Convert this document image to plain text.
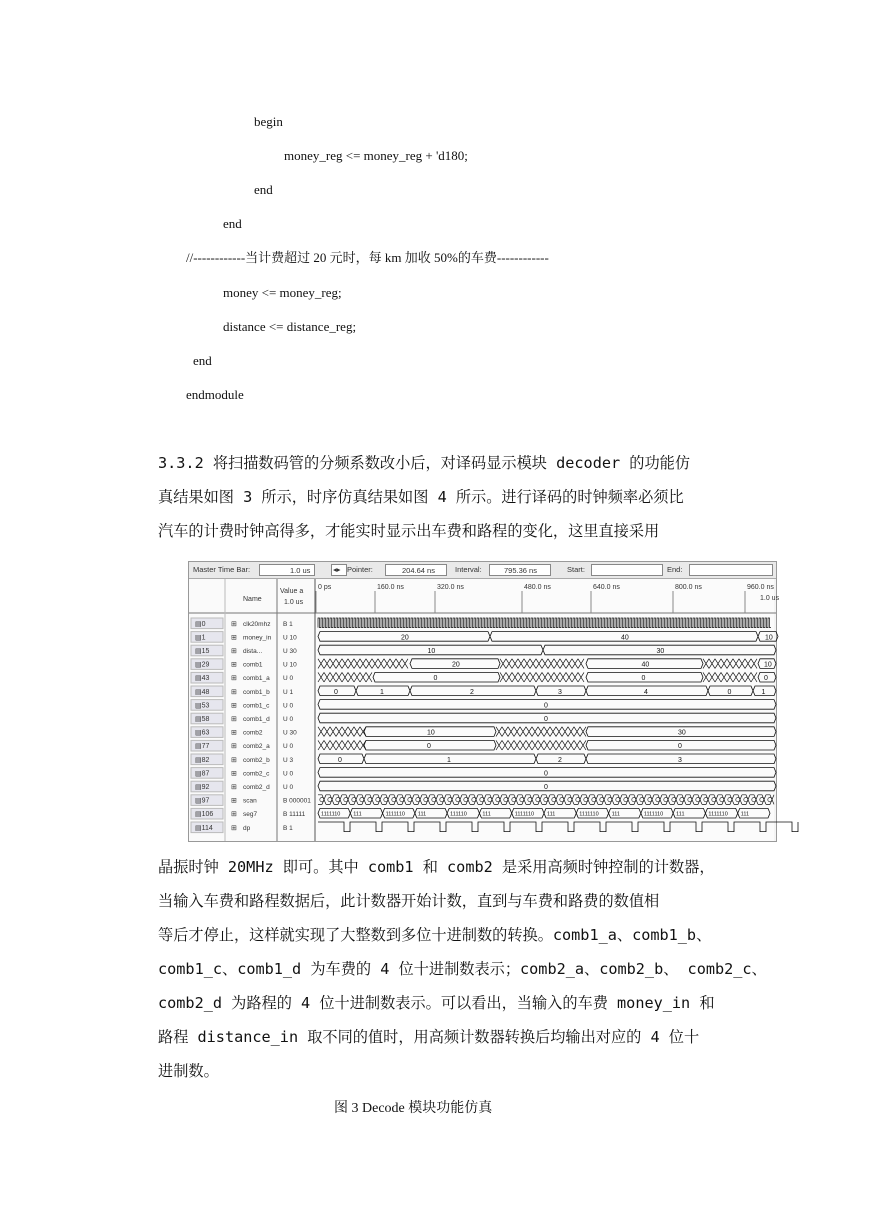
begin
money_reg <= money_reg + 'd180;
end
end
//------------当计费超过 20 元时，每 km 加收 50%的车费------------
money <= money_reg;
distance <= distance_reg;
end
endmodule
3.3.2 将扫描数码管的分频系数改小后，对译码显示模块 decoder 的功能仿
真结果如图 3 所示，时序仿真结果如图 4 所示。进行译码的时钟频率必须比
汽车的计费时钟高得多，才能实时显示出车费和路程的变化，这里直接采用
Master Time Bar:	1.0 us	◂▸ Pointer:	204.64 ns	Interval:	795.36 ns	Start:	End:
Name
Value a
1.0 us
0 ps	160.0 ns	320.0 ns	480.0 ns	640.0 ns	800.0 ns	960.0 ns
1.0 us
▤0	⊞ clk20mhz B 1
▤1	⊞ money_in U 10	20	40	10
▤15	⊞ dista...	U 30	10	30
▤29	⊞ comb1	U 10	20	40	10
▤43	⊞ comb1_a U 0	0	0	0
▤48	⊞ comb1_b U 1	0	1	2	3	4	0	1
▤53	⊞ comb1_c U 0	0
▤58	⊞ comb1_d U 0	0
▤63	⊞ comb2	U 30	10	30
▤77	⊞ comb2_a U 0	0	0
▤82	⊞ comb2_b U 3	0	1	2	3
▤87	⊞ comb2_c U 0	0
▤92	⊞ comb2_d U 0	0
▤97	⊞ scan	B 000001
▤106	⊞ seg7	B 11111	1111110 111	1111110 111	111110	111	1111110 111	1111110 111	1111110 111	1111110 111
▤114	⊞ dp	B 1
晶振时钟 20MHz 即可。其中 comb1 和 comb2 是采用高频时钟控制的计数器，
当输入车费和路程数据后，此计数器开始计数，直到与车费和路费的数值相
等后才停止，这样就实现了大整数到多位十进制数的转换。comb1_a、comb1_b、
comb1_c、comb1_d 为车费的 4 位十进制数表示；comb2_a、comb2_b、 comb2_c、
comb2_d 为路程的 4 位十进制数表示。可以看出，当输入的车费 money_in 和
路程 distance_in 取不同的值时，用高频计数器转换后均输出对应的 4 位十
进制数。
图 3 Decode 模块功能仿真
